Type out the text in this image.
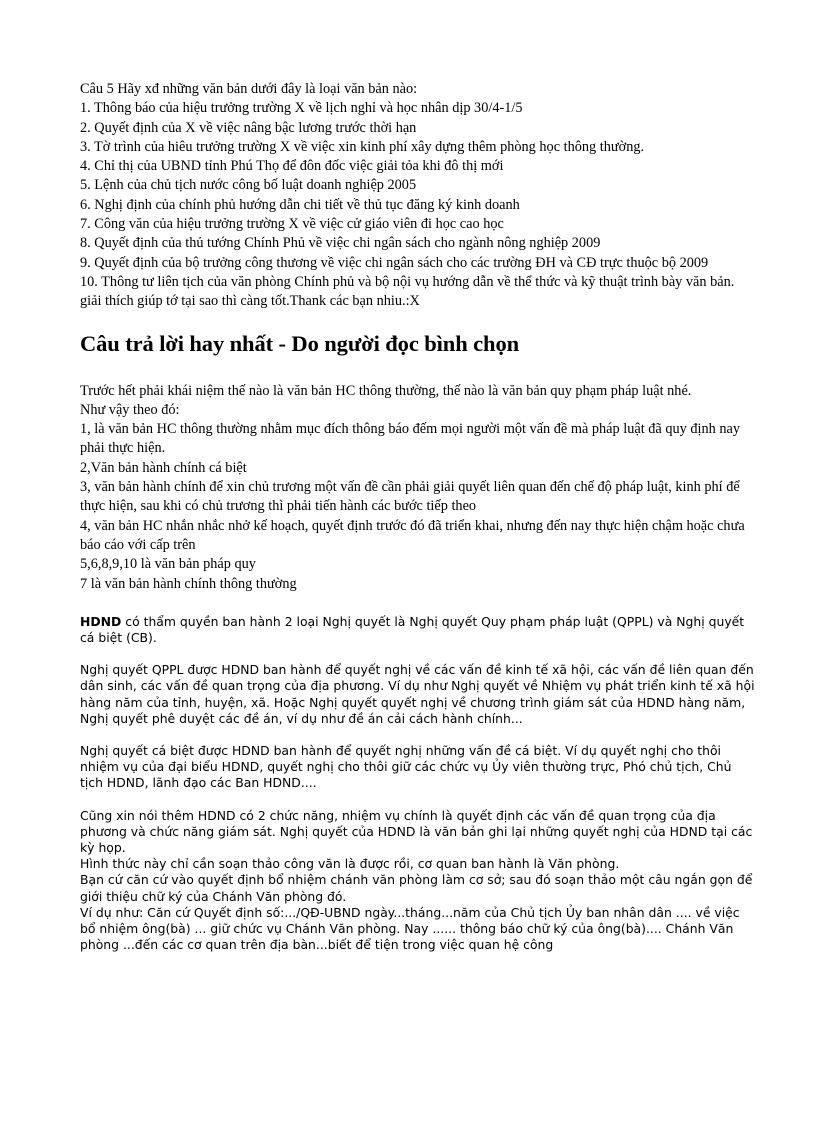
Câu 5 Hãy xđ những văn bản dưới đây là loại văn bản nào:

1. Thông báo của hiệu trưởng trường X về lịch nghỉ và học nhân dịp 30/4-1/5

2. Quyết định của X về việc nâng bậc lương trước thời hạn

3. Tờ trình của hiêu trưởng trường X về việc xin kinh phí xây dựng thêm phòng học thông thường.

4. Chỉ thị của UBND tỉnh Phú Thọ để đôn đốc việc giải tỏa khi đô thị mới

5. Lệnh của chủ tịch nước công bố luật doanh nghiệp 2005

6. Nghị định của chính phủ hướng dẫn chi tiết về thủ tục đăng ký kinh doanh

7. Công văn của hiệu trưởng trường X về việc cử giáo viên đi học cao học

8. Quyết định của thủ tướng Chính Phủ về việc chi ngân sách cho ngành nông nghiệp 2009

9. Quyết định của bộ trưởng công thương về việc chi ngân sách cho các trường ĐH và CĐ trực thuộc bộ 2009

10. Thông tư liên tịch của văn phòng Chính phủ và bộ nội vụ hướng dẫn về thể thức và kỹ thuật trình bày văn bản.

giải thích giúp tớ tại sao thì càng tốt.Thank các bạn nhiu.:X

Câu trả lời hay nhất - Do người đọc bình chọn

Trước hết phải khái niệm thế nào là văn bản HC thông thường, thế nào là văn bản quy phạm pháp luật nhé.

Như vậy theo đó:

1, là văn bản HC thông thường nhằm mục đích thông báo đếm mọi người một vấn đề mà pháp luật đã quy định nay phải thực hiện.

2,Văn bản hành chính cá biệt

3, văn bản hành chính để xin chủ trương một vấn đề cần phải giải quyết liên quan đến chế độ pháp luật, kinh phí để thực hiện, sau khi có chủ trương thì phải tiến hành các bước tiếp theo

4, văn bản HC nhắn nhắc nhở kế hoạch, quyết định trước đó đã triển khai, nhưng đến nay thực hiện chậm hoặc chưa báo cáo với cấp trên

5,6,8,9,10 là văn bản pháp quy

7 là văn bản hành chính thông thường

HDND có thẩm quyền ban hành 2 loại Nghị quyết là Nghị quyết Quy phạm pháp luật (QPPL) và Nghị quyết cá biệt (CB).

Nghị quyết QPPL được HDND ban hành để quyết nghị về các vấn đề kinh tế xã hội, các vấn đề liên quan đến dân sinh, các vấn đề quan trọng của địa phương. Ví dụ như Nghị quyết về Nhiệm vụ phát triển kinh tế xã hội hàng năm của tỉnh, huyện, xã. Hoặc Nghị quyết quyết nghị về chương trình giám sát của HDND hàng năm, Nghị quyết phê duyệt các đề án, ví dụ như đề án cải cách hành chính...

Nghị quyết cá biệt được HDND ban hành để quyết nghị những vấn đề cá biệt. Ví dụ quyết nghị cho thôi nhiệm vụ của đại biểu HDND, quyết nghị cho thôi giữ các chức vụ Ủy viên thường trực, Phó chủ tịch, Chủ tịch HDND, lãnh đạo các Ban HDND....

Cũng xin nói thêm HDND có 2 chức năng, nhiệm vụ chính là quyết định các vấn đề quan trọng của địa phương và chức năng giám sát. Nghị quyết của HDND là văn bản ghi lại những quyết nghị của HDND tại các kỳ họp.

Hình thức này chỉ cần soạn thảo công văn là được rồi, cơ quan ban hành là Văn phòng.

Bạn cứ căn cứ vào quyết định bổ nhiệm chánh văn phòng làm cơ sở; sau đó soạn thảo một câu ngắn gọn để giới thiệu chữ ký của Chánh Văn phòng đó.

Ví dụ như: Căn cứ Quyết định số:.../QĐ-UBND ngày...tháng...năm của Chủ tịch Ủy ban nhân dân .... về việc bổ nhiệm ông(bà) ... giữ chức vụ Chánh Văn phòng. Nay ...... thông báo chữ ký của ông(bà).... Chánh Văn phòng ...đến các cơ quan trên địa bàn...biết để tiện trong việc quan hệ công
